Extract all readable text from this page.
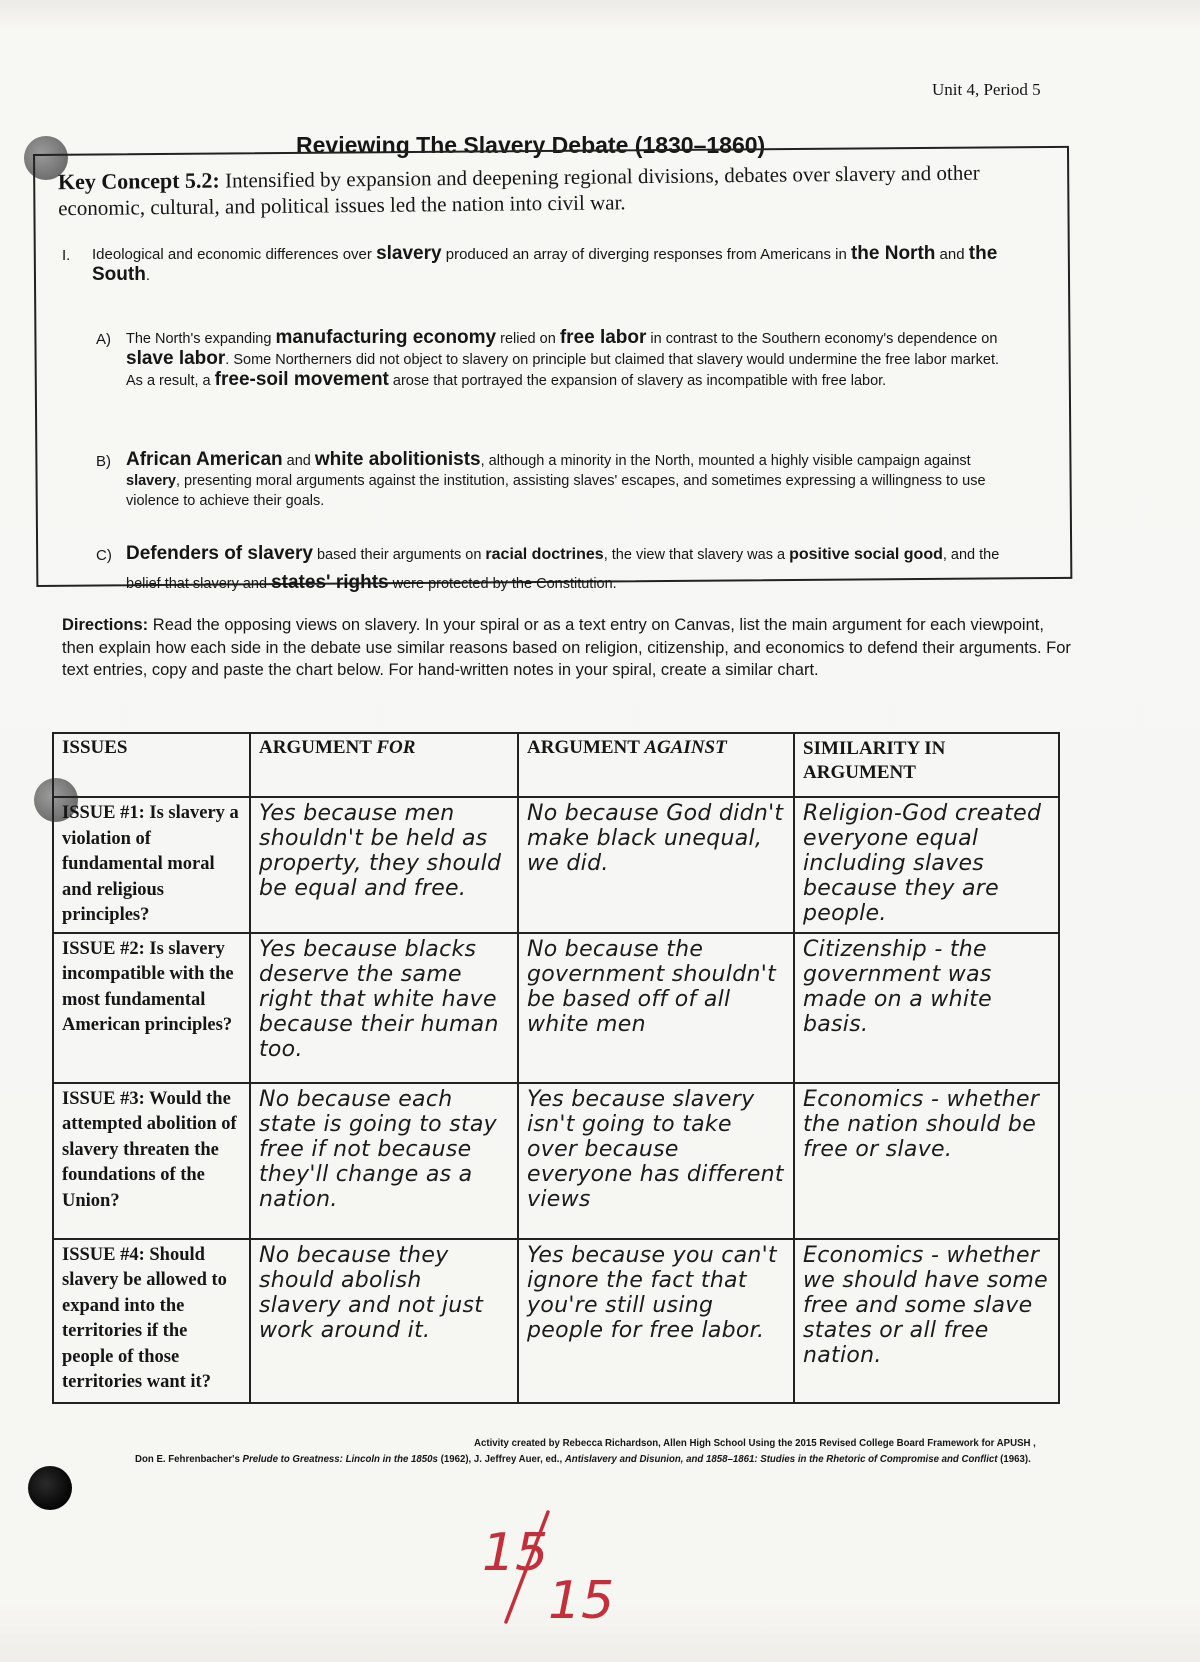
Unit 4, Period 5
Reviewing The Slavery Debate (1830–1860)
Key Concept 5.2: Intensified by expansion and deepening regional divisions, debates over slavery and other economic, cultural, and political issues led the nation into civil war.
I. Ideological and economic differences over slavery produced an array of diverging responses from Americans in the North and the South.
A) The North's expanding manufacturing economy relied on free labor in contrast to the Southern economy's dependence on slave labor. Some Northerners did not object to slavery on principle but claimed that slavery would undermine the free labor market. As a result, a free-soil movement arose that portrayed the expansion of slavery as incompatible with free labor.
B) African American and white abolitionists, although a minority in the North, mounted a highly visible campaign against slavery, presenting moral arguments against the institution, assisting slaves' escapes, and sometimes expressing a willingness to use violence to achieve their goals.
C) Defenders of slavery based their arguments on racial doctrines, the view that slavery was a positive social good, and the belief that slavery and states' rights were protected by the Constitution.
Directions: Read the opposing views on slavery. In your spiral or as a text entry on Canvas, list the main argument for each viewpoint, then explain how each side in the debate use similar reasons based on religion, citizenship, and economics to defend their arguments. For text entries, copy and paste the chart below. For hand-written notes in your spiral, create a similar chart.
ISSUES	ARGUMENT FOR	ARGUMENT AGAINST	SIMILARITY IN ARGUMENT
ISSUE #1: Is slavery a violation of fundamental moral and religious principles?	Yes because men shouldn't be held as property, they should be equal and free.	No because God didn't make black unequal, we did.	Religion-God created everyone equal including slaves because they are people.
ISSUE #2: Is slavery incompatible with the most fundamental American principles?	Yes because blacks deserve the same right that white have because their human too.	No because the government shouldn't be based off of all white men	Citizenship - the government was made on a white basis.
ISSUE #3: Would the attempted abolition of slavery threaten the foundations of the Union?	No because each state is going to stay free if not because they'll change as a nation.	Yes because slavery isn't going to take over because everyone has different views	Economics - whether the nation should be free or slave.
ISSUE #4: Should slavery be allowed to expand into the territories if the people of those territories want it?	No because they should abolish slavery and not just work around it.	Yes because you can't ignore the fact that you're still using people for free labor.	Economics - whether we should have some free and some slave states or all free nation.
Activity created by Rebecca Richardson, Allen High School Using the 2015 Revised College Board Framework for APUSH ,
Don E. Fehrenbacher's Prelude to Greatness: Lincoln in the 1850s (1962), J. Jeffrey Auer, ed., Antislavery and Disunion, and 1858–1861: Studies in the Rhetoric of Compromise and Conflict (1963).
15
15
